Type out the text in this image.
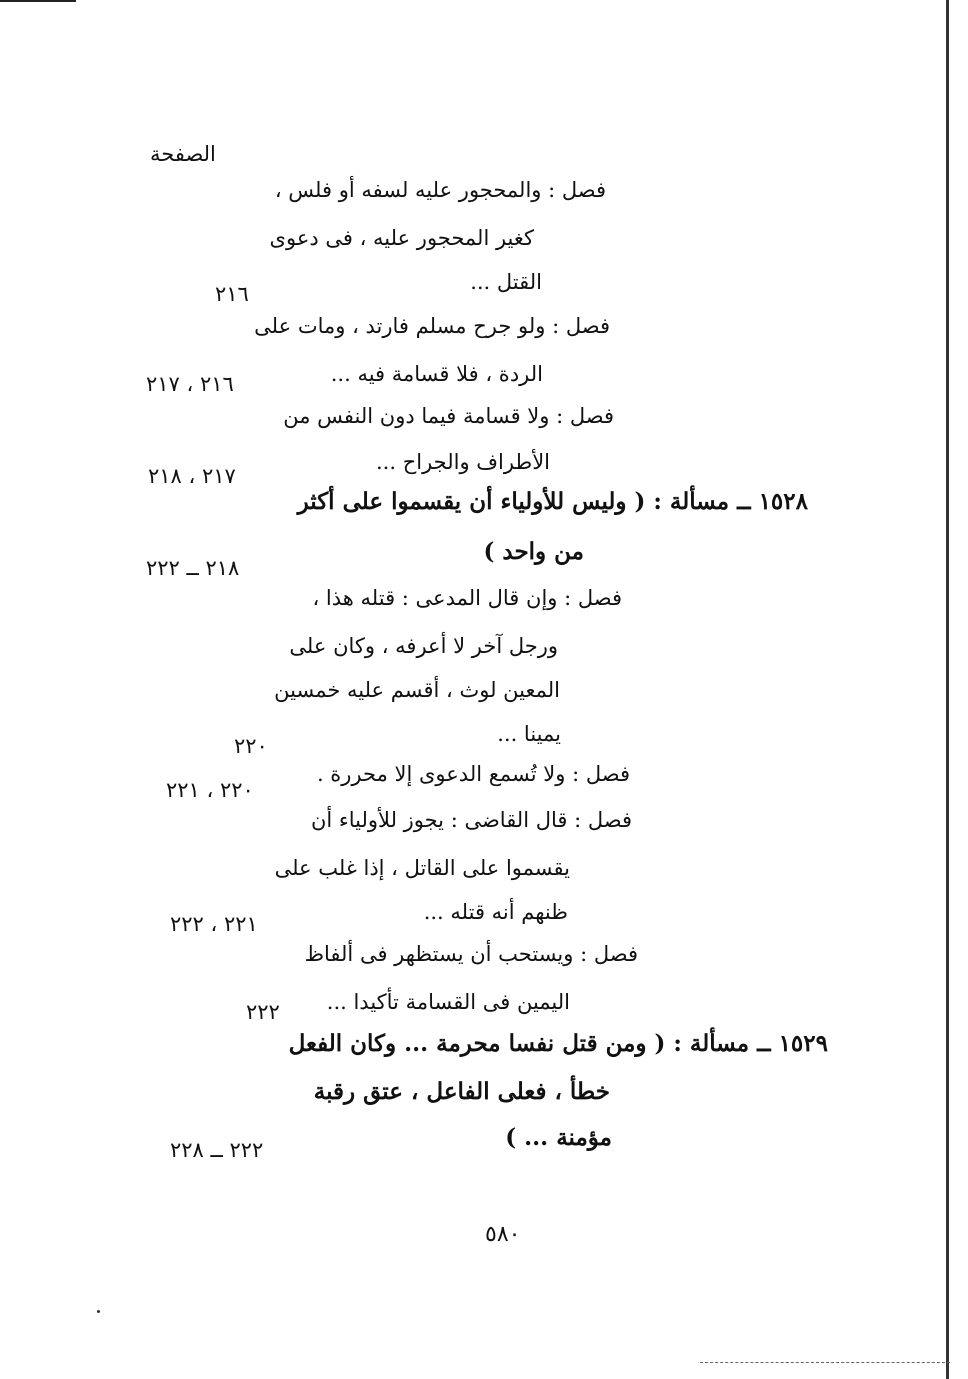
الصفحة
فصل : والمحجور عليه لسفه أو فلس ،
كغير المحجور عليه ، فى دعوى
القتل ...
فصل : ولو جرح مسلم فارتد ، ومات على
الردة ، فلا قسامة فيه ...
فصل : ولا قسامة فيما دون النفس من
الأطراف والجراح ...
١٥٢٨ ــ مسألة : ( وليس للأولياء أن يقسموا على أكثر
من واحد )
فصل : وإن قال المدعى : قتله هذا ،
ورجل آخر لا أعرفه ، وكان على
المعين لوث ، أقسم عليه خمسين
يمينا ...
فصل : ولا تُسمع الدعوى إلا محررة .
فصل : قال القاضى : يجوز للأولياء أن
يقسموا على القاتل ، إذا غلب على
ظنهم أنه قتله ...
فصل : ويستحب أن يستظهر فى ألفاظ
اليمين فى القسامة تأكيدا ...
١٥٢٩ ــ مسألة : ( ومن قتل نفسا محرمة ... وكان الفعل
خطأ ، فعلى الفاعل ، عتق رقبة
مؤمنة ... )
٢١٦
٢١٦ ، ٢١٧
٢١٧ ، ٢١٨
٢١٨ ــ ٢٢٢
٢٢٠
٢٢٠ ، ٢٢١
٢٢١ ، ٢٢٢
٢٢٢
٢٢٢ ــ ٢٢٨
٥٨٠
